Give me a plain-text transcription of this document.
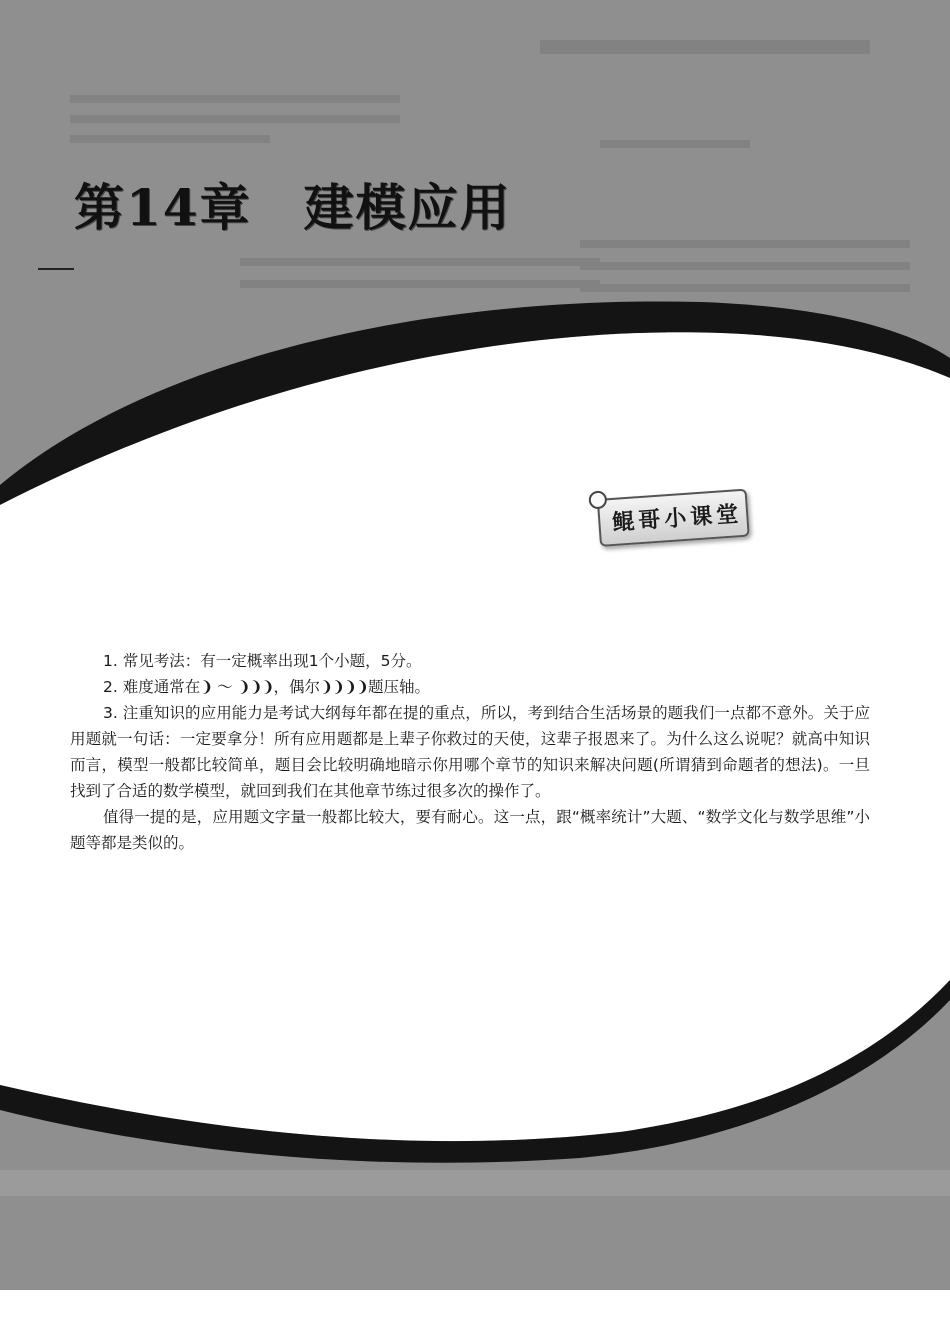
第14章　建模应用
鲲哥小课堂

1. 常见考法：有一定概率出现1个小题，5分。

2. 难度通常在❩ ～ ❩❩❩，偶尔❩❩❩❩题压轴。

3. 注重知识的应用能力是考试大纲每年都在提的重点，所以，考到结合生活场景的题我们一点都不意外。关于应用题就一句话：一定要拿分！所有应用题都是上辈子你救过的天使，这辈子报恩来了。为什么这么说呢？就高中知识而言，模型一般都比较简单，题目会比较明确地暗示你用哪个章节的知识来解决问题(所谓猜到命题者的想法)。一旦找到了合适的数学模型，就回到我们在其他章节练过很多次的操作了。

值得一提的是，应用题文字量一般都比较大，要有耐心。这一点，跟“概率统计”大题、“数学文化与数学思维”小题等都是类似的。
